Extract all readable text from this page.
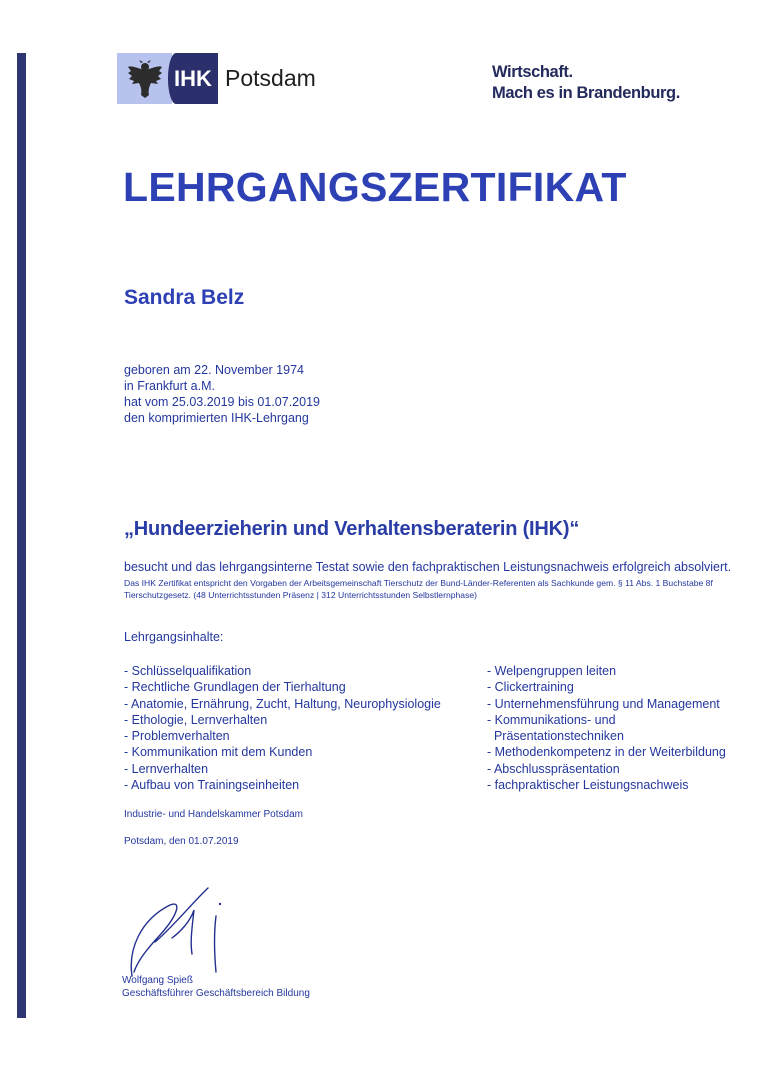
IHK Potsdam	Wirtschaft.
Mach es in Brandenburg.
LEHRGANGSZERTIFIKAT
Sandra Belz
geboren am 22. November 1974
in Frankfurt a.M.
hat vom 25.03.2019 bis 01.07.2019
den komprimierten IHK-Lehrgang
„Hundeerzieherin und Verhaltensberaterin (IHK)“
besucht und das lehrgangsinterne Testat sowie den fachpraktischen Leistungsnachweis erfolgreich absolviert.
Das IHK Zertifikat entspricht den Vorgaben der Arbeitsgemeinschaft Tierschutz der Bund-Länder-Referenten als Sachkunde gem. § 11 Abs. 1 Buchstabe 8f
Tierschutzgesetz. (48 Unterrichtsstunden Präsenz | 312 Unterrichtsstunden Selbstlernphase)
Lehrgangsinhalte:
- Schlüsselqualifikation
- Rechtliche Grundlagen der Tierhaltung
- Anatomie, Ernährung, Zucht, Haltung, Neurophysiologie
- Ethologie, Lernverhalten
- Problemverhalten
- Kommunikation mit dem Kunden
- Lernverhalten
- Aufbau von Trainingseinheiten
- Welpengruppen leiten
- Clickertraining
- Unternehmensführung und Management
- Kommunikations- und
Präsentationstechniken
- Methodenkompetenz in der Weiterbildung
- Abschlusspräsentation
- fachpraktischer Leistungsnachweis
Industrie- und Handelskammer Potsdam
Potsdam, den 01.07.2019
Wolfgang Spieß
Geschäftsführer Geschäftsbereich Bildung
